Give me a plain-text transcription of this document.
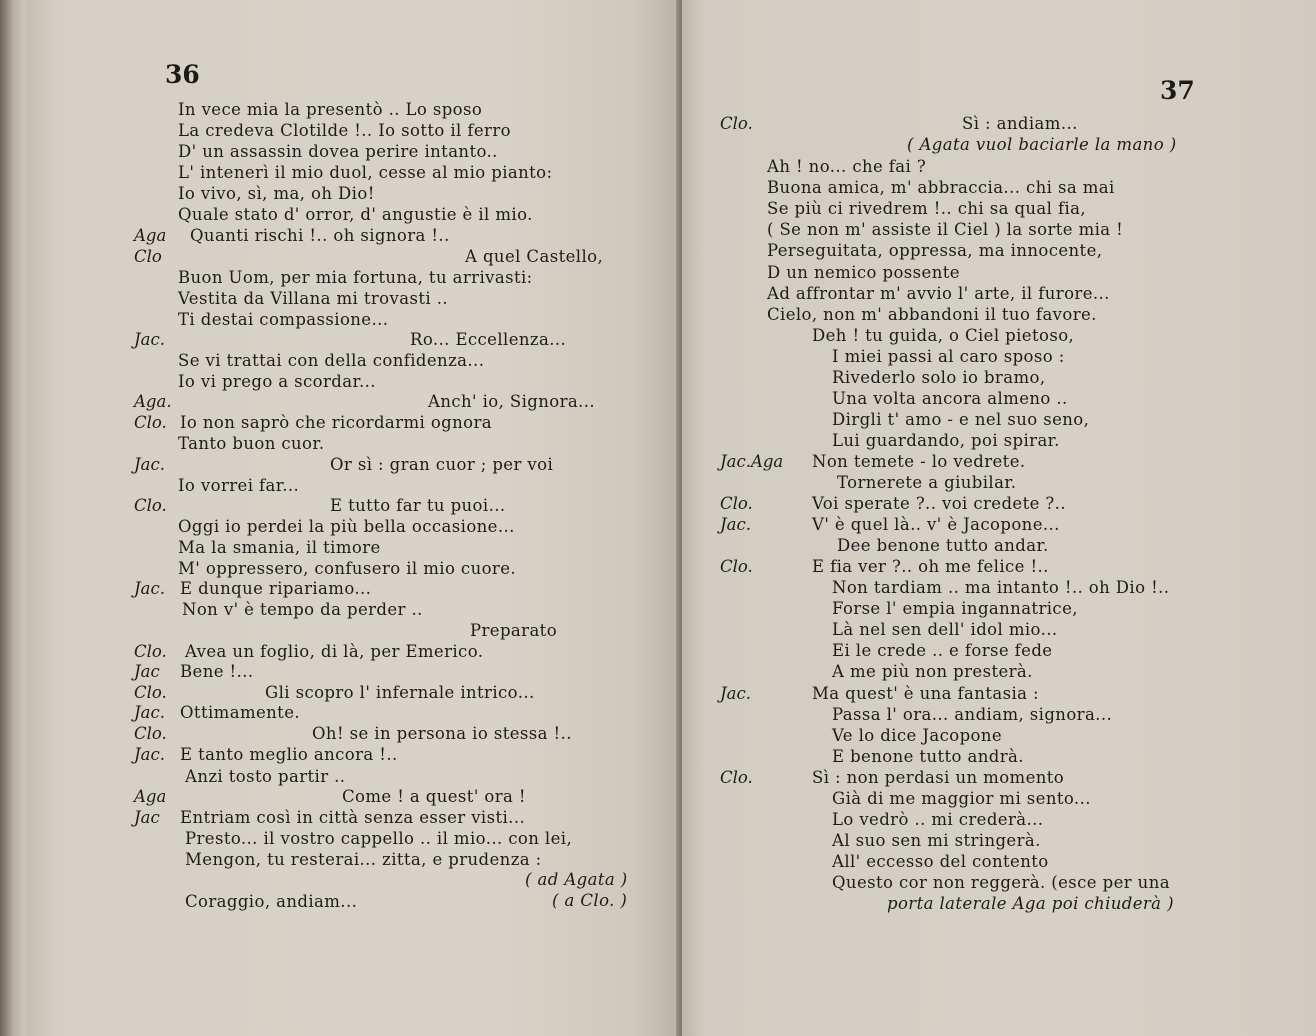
36
In vece mia la presentò .. Lo sposo
La credeva Clotilde !.. Io sotto il ferro
D' un assassin dovea perire intanto..
L' intenerì il mio duol, cesse al mio pianto:
Io vivo, sì, ma, oh Dio!
Quale stato d' orror, d' angustie è il mio.
Aga Quanti rischi !.. oh signora !..
Clo	A quel Castello,
Buon Uom, per mia fortuna, tu arrivasti:
Vestita da Villana mi trovasti ..
Ti destai compassione...
Jac.	Ro... Eccellenza...
Se vi trattai con della confidenza...
Io vi prego a scordar...
Aga.	Anch' io, Signora...
Clo. Io non saprò che ricordarmi ognora
Tanto buon cuor.
Jac.	Or sì : gran cuor ; per voi
Io vorrei far...
Clo.	E tutto far tu puoi...
Oggi io perdei la più bella occasione...
Ma la smania, il timore
M' oppressero, confusero il mio cuore.
Jac. E dunque ripariamo...
Non v' è tempo da perder ..
Preparato
Clo. Avea un foglio, di là, per Emerico.
Jac Bene !...
Clo.	Gli scopro l' infernale intrico...
Jac. Ottimamente.
Clo.	Oh! se in persona io stessa !..
Jac. E tanto meglio ancora !..
Anzi tosto partir ..
Aga	Come ! a quest' ora !
Jac Entriam così in città senza esser visti...
Presto... il vostro cappello .. il mio... con lei,
Mengon, tu resterai... zitta, e prudenza :
( ad Agata )
Coraggio, andiam...	( a Clo. )
37
Clo.	Sì : andiam...
( Agata vuol baciarle la mano )
Ah ! no... che fai ?
Buona amica, m' abbraccia... chi sa mai
Se più ci rivedrem !.. chi sa qual fia,
( Se non m' assiste il Ciel ) la sorte mia !
Perseguitata, oppressa, ma innocente,
D un nemico possente
Ad affrontar m' avvio l' arte, il furore...
Cielo, non m' abbandoni il tuo favore.
Deh ! tu guida, o Ciel pietoso,
I miei passi al caro sposo :
Rivederlo solo io bramo,
Una volta ancora almeno ..
Dirgli t' amo - e nel suo seno,
Lui guardando, poi spirar.
Jac.Aga Non temete - lo vedrete.
Tornerete a giubilar.
Clo.	Voi sperate ?.. voi credete ?..
Jac.	V' è quel là.. v' è Jacopone...
Dee benone tutto andar.
Clo.	E fia ver ?.. oh me felice !..
Non tardiam .. ma intanto !.. oh Dio !..
Forse l' empia ingannatrice,
Là nel sen dell' idol mio...
Ei le crede .. e forse fede
A me più non presterà.
Jac.	Ma quest' è una fantasia :
Passa l' ora... andiam, signora...
Ve lo dice Jacopone
E benone tutto andrà.
Clo.	Sì : non perdasi un momento
Già di me maggior mi sento...
Lo vedrò .. mi crederà...
Al suo sen mi stringerà.
All' eccesso del contento
Questo cor non reggerà. (esce per una
porta laterale Aga poi chiuderà )
